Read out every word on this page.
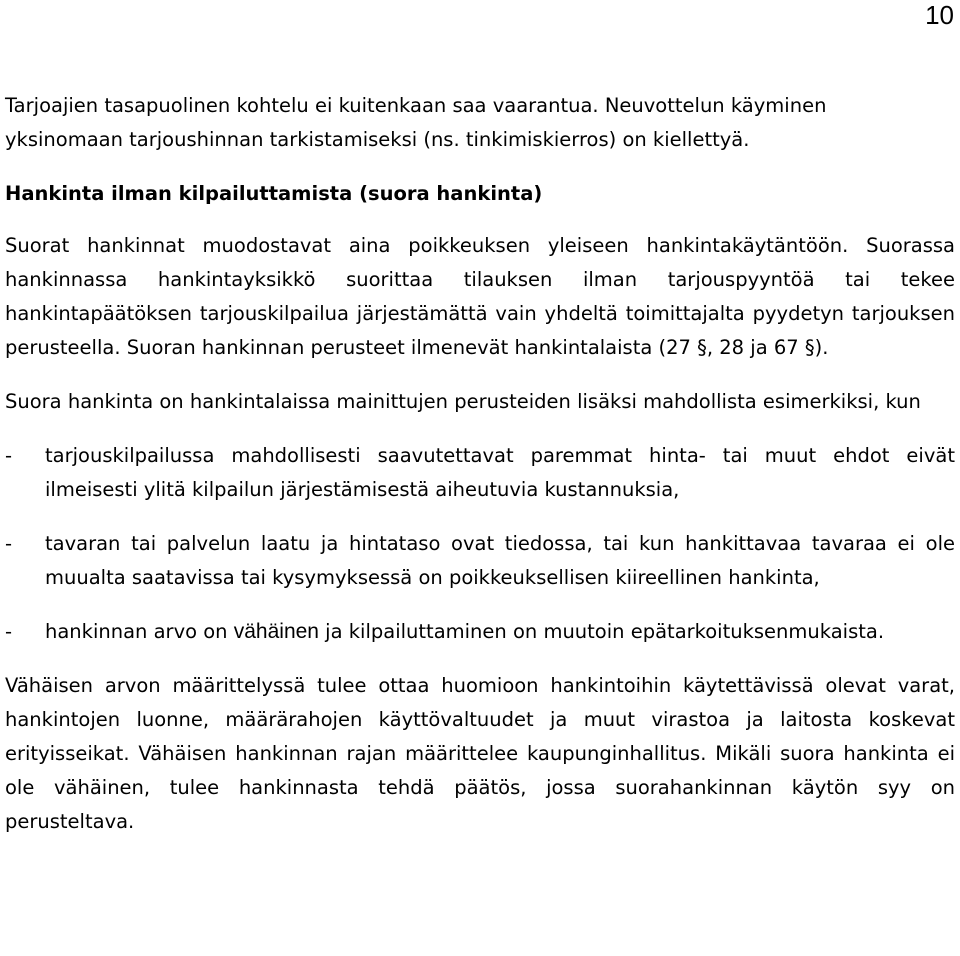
10

Tarjoajien tasapuolinen kohtelu ei kuitenkaan saa vaarantua. Neuvottelun käyminen
yksinomaan tarjoushinnan tarkistamiseksi (ns. tinkimiskierros) on kiellettyä.

Hankinta ilman kilpailuttamista (suora hankinta)

Suorat hankinnat muodostavat aina poikkeuksen yleiseen hankintakäytäntöön. Suorassa hankinnassa hankintayksikkö suorittaa tilauksen ilman tarjouspyyntöä tai tekee hankintapäätöksen tarjouskilpailua järjestämättä vain yhdeltä toimittajalta pyydetyn tarjouksen perusteella. Suoran hankinnan perusteet ilmenevät hankintalaista (27 §, 28 ja 67 §).

Suora hankinta on hankintalaissa mainittujen perusteiden lisäksi mahdollista esimerkiksi, kun

-	tarjouskilpailussa mahdollisesti saavutettavat paremmat hinta- tai muut ehdot eivät ilmeisesti ylitä kilpailun järjestämisestä aiheutuvia kustannuksia,
-	tavaran tai palvelun laatu ja hintataso ovat tiedossa, tai kun hankittavaa tavaraa ei ole muualta saatavissa tai kysymyksessä on poikkeuksellisen kiireellinen hankinta,
-	hankinnan arvo on vähäinen ja kilpailuttaminen on muutoin epätarkoituksenmukaista.

Vähäisen arvon määrittelyssä tulee ottaa huomioon hankintoihin käytettävissä olevat varat, hankintojen luonne, määrärahojen käyttövaltuudet ja muut virastoa ja laitosta koskevat erityisseikat. Vähäisen hankinnan rajan määrittelee kaupunginhallitus. Mikäli suora hankinta ei ole vähäinen, tulee hankinnasta tehdä päätös, jossa suorahankinnan käytön syy on perusteltava.
